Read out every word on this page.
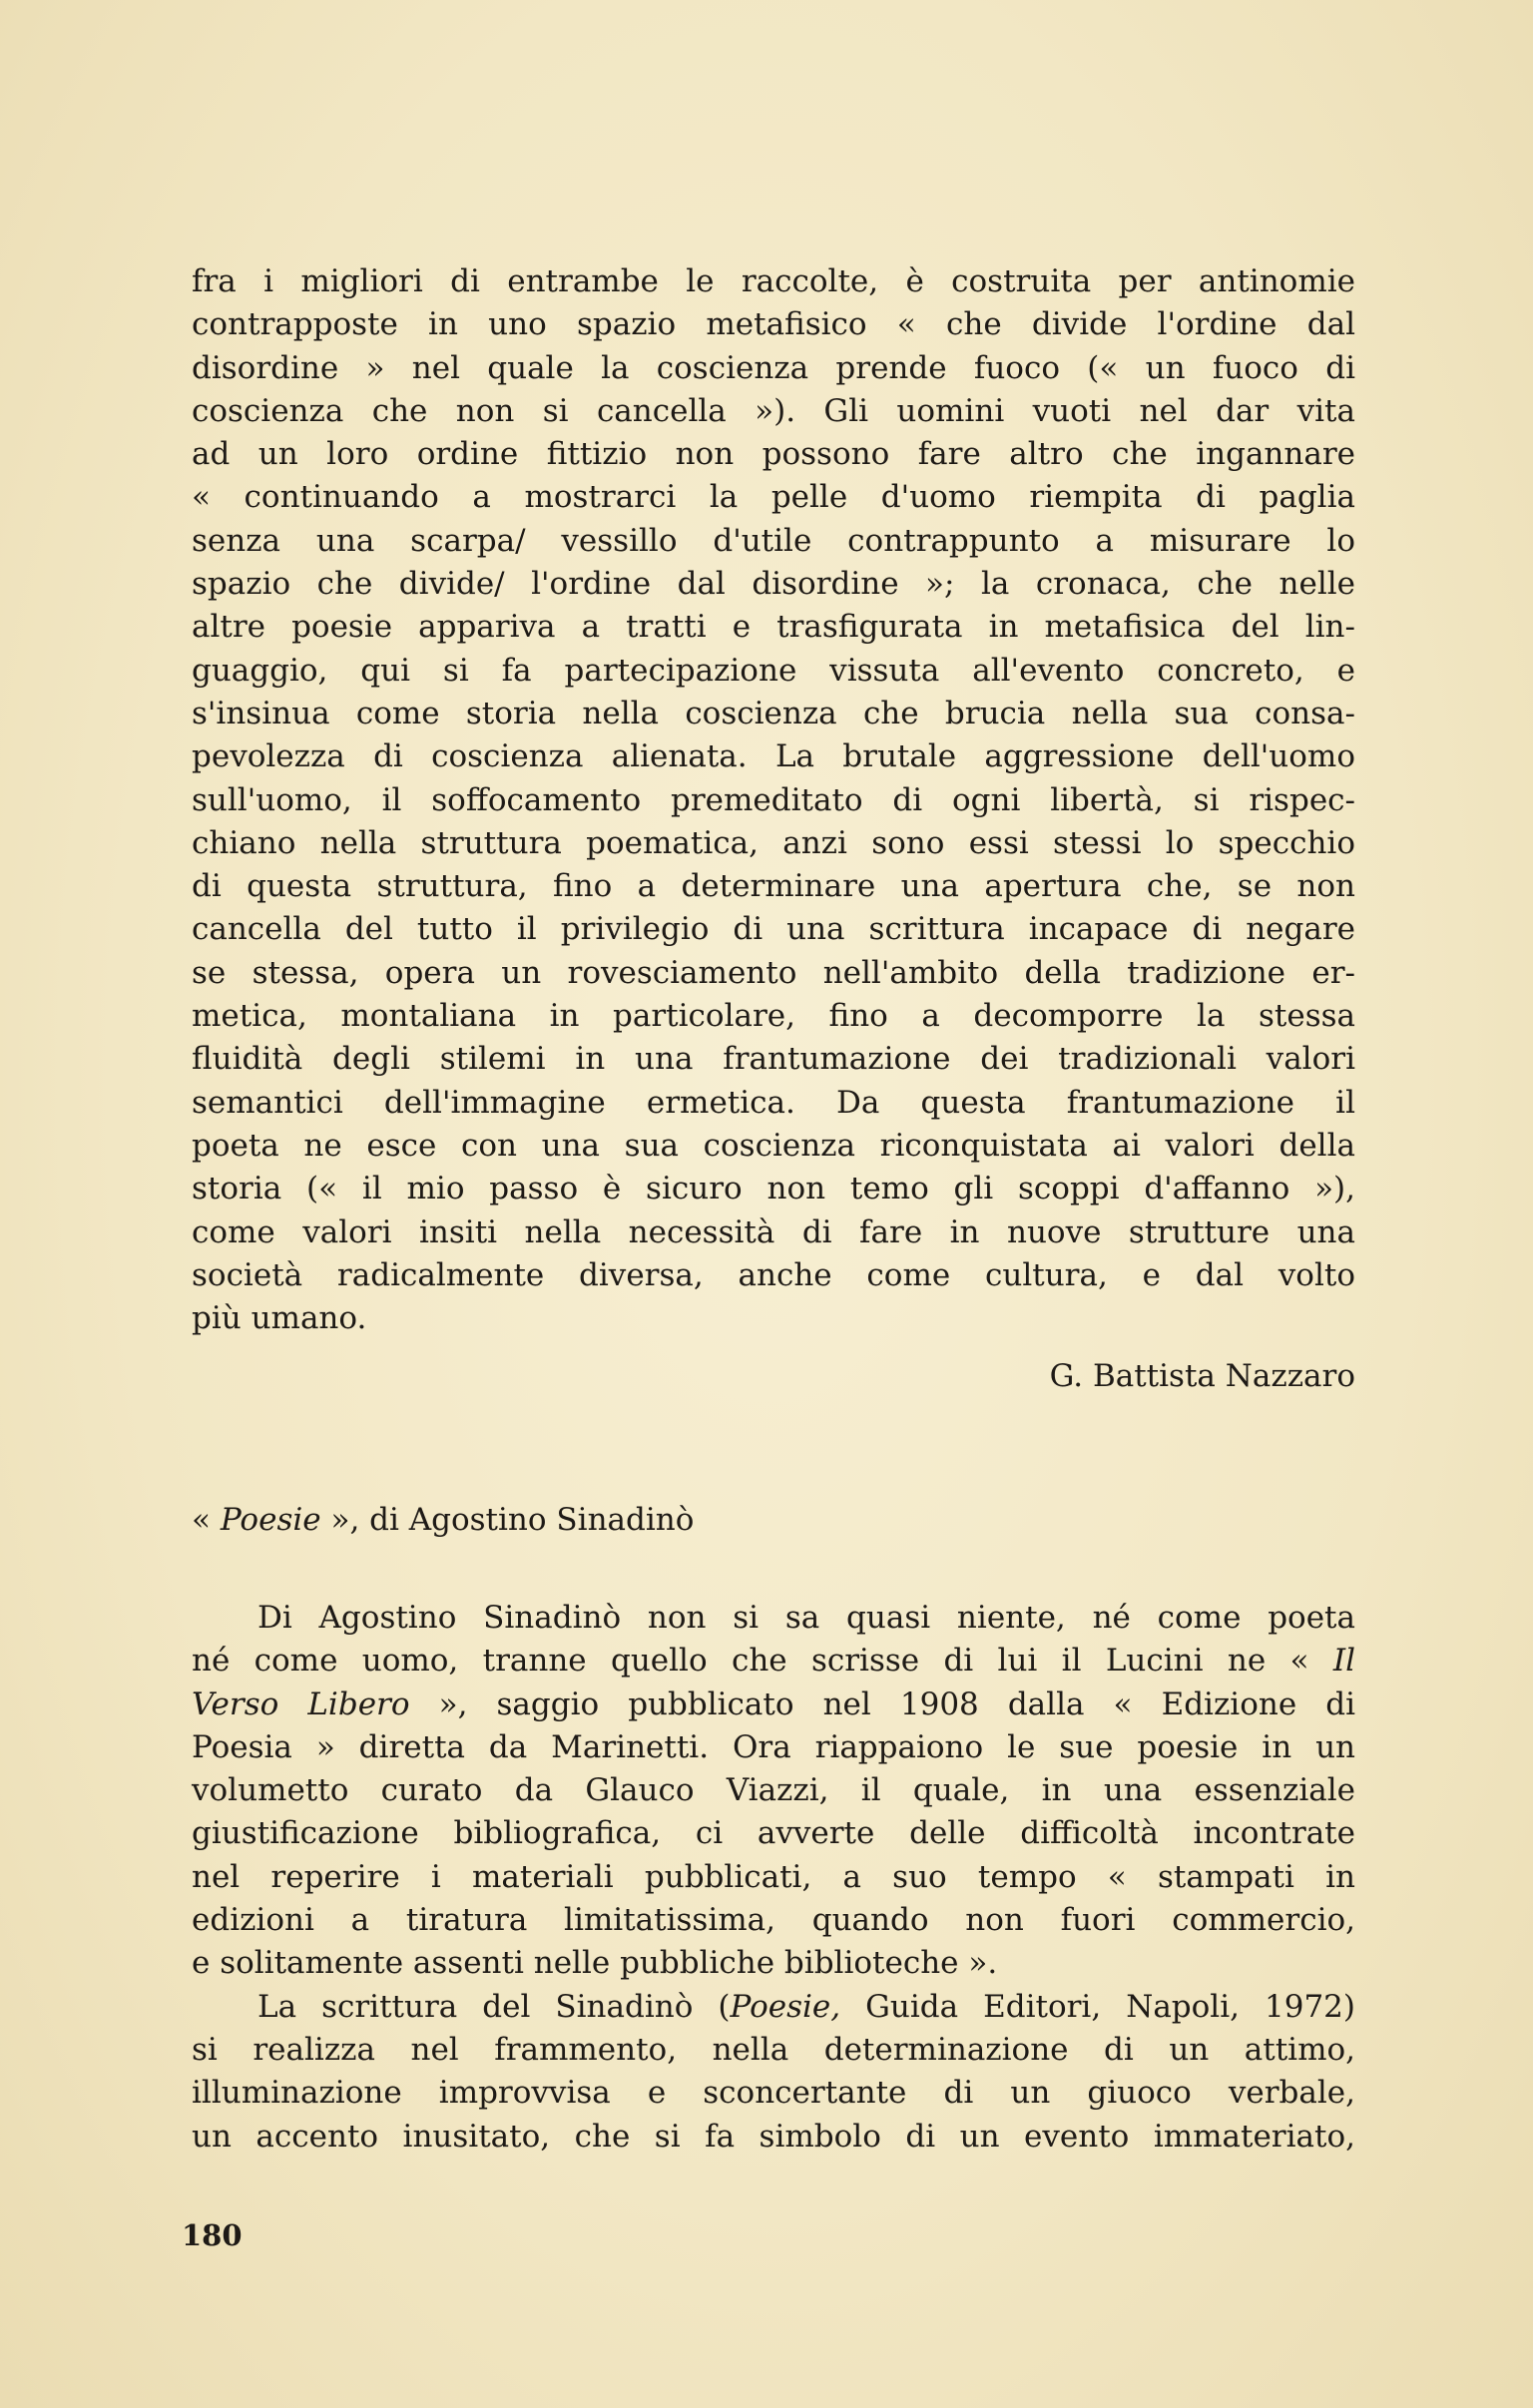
fra i migliori di entrambe le raccolte, è costruita per antinomie
contrapposte in uno spazio metafisico « che divide l'ordine dal
disordine » nel quale la coscienza prende fuoco (« un fuoco di
coscienza che non si cancella »). Gli uomini vuoti nel dar vita
ad un loro ordine fittizio non possono fare altro che ingannare
« continuando a mostrarci la pelle d'uomo riempita di paglia
senza una scarpa/ vessillo d'utile contrappunto a misurare lo
spazio che divide/ l'ordine dal disordine »; la cronaca, che nelle
altre poesie appariva a tratti e trasfigurata in metafisica del lin-
guaggio, qui si fa partecipazione vissuta all'evento concreto, e
s'insinua come storia nella coscienza che brucia nella sua consa-
pevolezza di coscienza alienata. La brutale aggressione dell'uomo
sull'uomo, il soffocamento premeditato di ogni libertà, si rispec-
chiano nella struttura poematica, anzi sono essi stessi lo specchio
di questa struttura, fino a determinare una apertura che, se non
cancella del tutto il privilegio di una scrittura incapace di negare
se stessa, opera un rovesciamento nell'ambito della tradizione er-
metica, montaliana in particolare, fino a decomporre la stessa
fluidità degli stilemi in una frantumazione dei tradizionali valori
semantici dell'immagine ermetica. Da questa frantumazione il
poeta ne esce con una sua coscienza riconquistata ai valori della
storia (« il mio passo è sicuro non temo gli scoppi d'affanno »),
come valori insiti nella necessità di fare in nuove strutture una
società radicalmente diversa, anche come cultura, e dal volto
più umano.
G. Battista Nazzaro
« Poesie », di Agostino Sinadinò
Di Agostino Sinadinò non si sa quasi niente, né come poeta
né come uomo, tranne quello che scrisse di lui il Lucini ne « Il
Verso Libero », saggio pubblicato nel 1908 dalla « Edizione di
Poesia » diretta da Marinetti. Ora riappaiono le sue poesie in un
volumetto curato da Glauco Viazzi, il quale, in una essenziale
giustificazione bibliografica, ci avverte delle difficoltà incontrate
nel reperire i materiali pubblicati, a suo tempo « stampati in
edizioni a tiratura limitatissima, quando non fuori commercio,
e solitamente assenti nelle pubbliche biblioteche ».
La scrittura del Sinadinò (Poesie, Guida Editori, Napoli, 1972)
si realizza nel frammento, nella determinazione di un attimo,
illuminazione improvvisa e sconcertante di un giuoco verbale,
un accento inusitato, che si fa simbolo di un evento immateriato,
180
